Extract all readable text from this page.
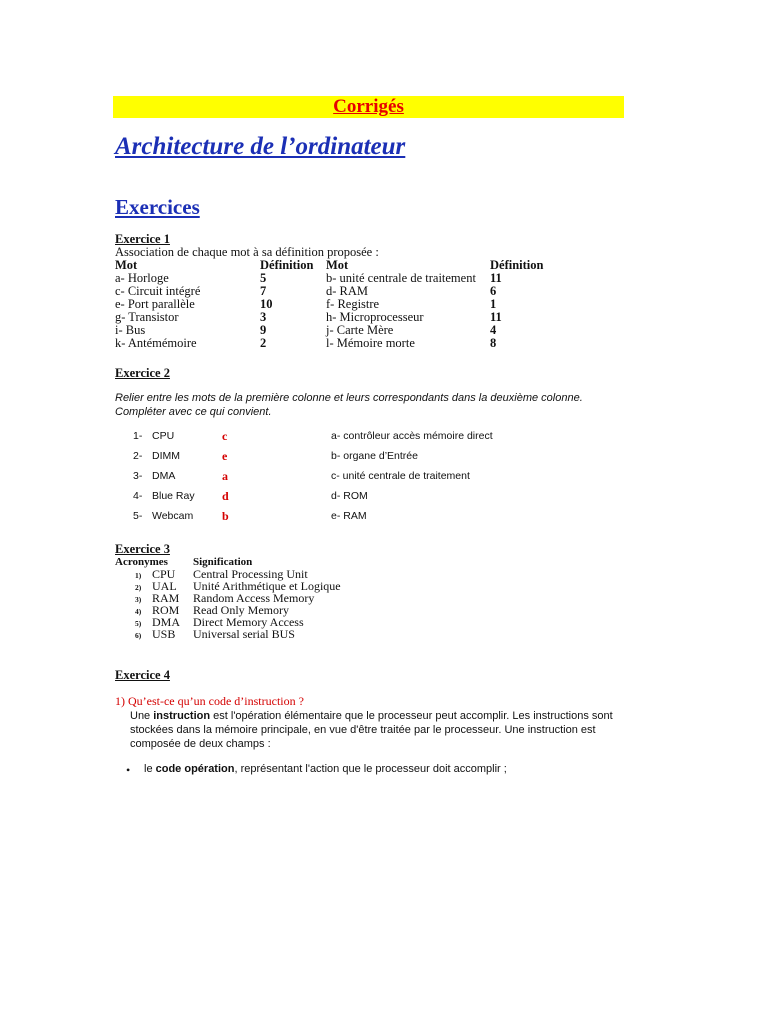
Corrigés
Architecture de l’ordinateur
Exercices
Exercice 1
Association de chaque mot à sa définition proposée :
Mot	Définition Mot	Définition
a- Horloge	5	b- unité centrale de traitement 11
c- Circuit intégré	7	d- RAM	6
e- Port parallèle	10	f- Registre	1
g- Transistor	3	h- Microprocesseur	11
i- Bus	9	j- Carte Mère	4
k- Antémémoire	2	l- Mémoire morte	8
Exercice 2
Relier entre les mots de la première colonne et leurs correspondants dans la deuxième colonne. Compléter avec ce qui convient.
1- CPU	c	a- contrôleur accès mémoire direct
2- DIMM	e	b- organe d’Entrée
3- DMA	a	c- unité centrale de traitement
4- Blue Ray d	d- ROM
5- Webcam b	e- RAM
Exercice 3
Acronymes Signification
1) CPU Central Processing Unit
2) UAL Unité Arithmétique et Logique
3) RAM Random Access Memory
4) ROM Read Only Memory
5) DMA Direct Memory Access
6) USB Universal serial BUS
Exercice 4
1) Qu’est-ce qu’un code d’instruction ?
Une instruction est l'opération élémentaire que le processeur peut accomplir. Les instructions sont stockées dans la mémoire principale, en vue d'être traitée par le processeur. Une instruction est composée de deux champs :
• le code opération, représentant l'action que le processeur doit accomplir ;
